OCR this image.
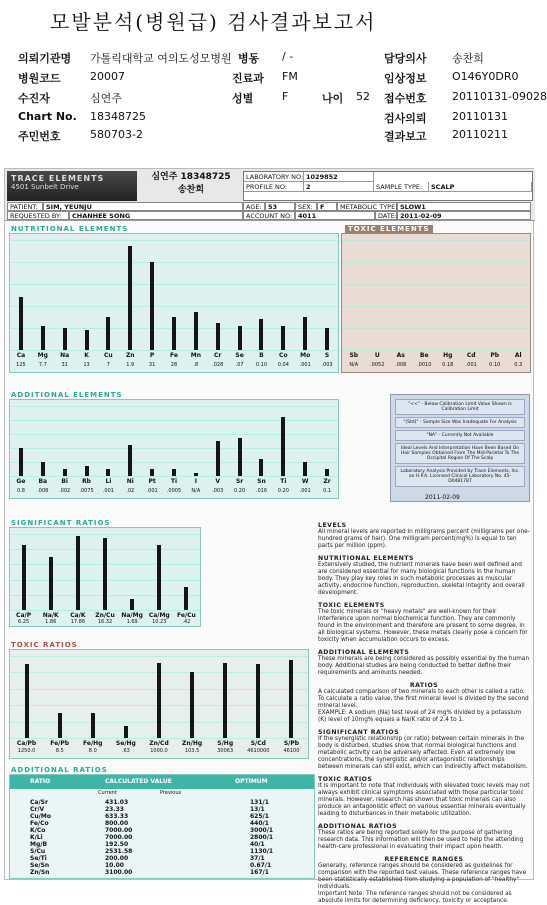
모발분석(병원급) 검사결과보고서
의뢰기관명 가톨릭대학교 여의도성모병원 병동 / -	담당의사 송찬희
병원코드	20007	진료과 FM	임상정보 O146Y0DR0
수진자	심연주	성별	F	나이 52 접수번호 20110131-09028
Chart No. 18348725	검사의뢰 20110131
주민번호	580703-2	결과보고 20110211
TRACE ELEMENTS
4501 Sunbelt Drive
심연주 18348725
송찬희
LABORATORY NO: 1029852
PROFILE NO:	2	SAMPLE TYPE:	SCALP
PATIENT:	SIM, YEUNJU	AGE: 53	SEX:	F	METABOLIC TYPE: SLOW1
REQUESTED BY:	CHANHEE SONG	ACCOUNT NO: 4011	DATE: 2011-02-09
NUTRITIONAL ELEMENTS
Ca
125
Mg
7.7
Na
31
K
13
Cu
7
Zn
1.9
P
31
Fe
28
Mn
.8
Cr
.028
Se
.07
B
0.10
Co
0.04
Mo
.001
S
.003
TOXIC ELEMENTS
Sb
N/A
U
.0052
As
.008
Be
.0010
Hg
0.18
Cd
.001
Pb
0.10
Al
0.3
ADDITIONAL ELEMENTS
Ge
0.8
Ba
.008
Bi
.002
Rb
.0075
Li
.001
Ni
.02
Pt
.001
Ti
.0005
I
N/A
V
.003
Sr
0.20
Sn
.016
Ti
0.20
W
.001
Zr
0.1
"<<" - Below Calibration Limit Value Shown is Calibration Limit
"(Std)" - Sample Size Was Inadequate For Analysis
"NA" - Currently Not Available
Ideal Levels And Interpretation Have Been Based On Hair Samples Obtained From The Mid-Parietal To The Occipital Region Of The Scalp
Laboratory Analysis Provided by Trace Elements, Inc. an H.P.A. Licensed Clinical Laboratory No. 45-D0481787
2011-02-09
SIGNIFICANT RATIOS
Ca/P
6.25
Na/K
1.86
Ca/K
17.86
Zn/Cu
16.32
Na/Mg
1.69
Ca/Mg
10.23
Fe/Cu
.42
TOXIC RATIOS
Ca/Pb
1250.0
Fe/Pb
8.5
Fe/Hg
8.0
Se/Hg
.63
Zn/Cd
1000.0
Zn/Hg
103.5
S/Hg
30063
S/Cd
4610000
S/Pb
46100
ADDITIONAL RATIOS
RATIO	CALCULATED VALUE	OPTIMUM
Current	Previous
Ca/Sr	431.03	131/1
Cr/V	23.33	13/1
Cu/Mo	633.33	625/1
Fe/Co	800.00	440/1
K/Co	7000.00	3000/1
K/Li	7000.00	2800/1
Mg/B	192.50	40/1
S/Cu	2531.58	1130/1
Se/Ti	200.00	37/1
Se/Sn	10.00	0.67/1
Zn/Sn	3100.00	167/1
LEVELS

All mineral levels are reported in milligrams percent (milligrams per one-hundred grams of hair). One milligram percent(mg%) is equal to ten parts per million (ppm).

NUTRITIONAL ELEMENTS

Extensively studied, the nutrient minerals have been well defined and are considered essential for many biological functions in the human body. They play key roles in such metabolic processes as muscular activity, endocrine function, reproduction, skeletal integrity and overall development.

TOXIC ELEMENTS

The toxic minerals or "heavy metals" are well-known for their interference upon normal biochemical function. They are commonly found in the environment and therefore are present to some degree, in all biological systems. However, these metals clearly pose a concern for toxicity when accumulation occurs to excess.

ADDITIONAL ELEMENTS

These minerals are being considered as possibly essential by the human body. Additional studies are being conducted to better define their requirements and amounts needed.

RATIOS

A calculated comparison of two minerals to each other is called a ratio. To calculate a ratio value, the first mineral level is divided by the second mineral level.

EXAMPLE: A sodium (Na) test level of 24 mg% divided by a potassium (K) level of 10mg% equals a Na/K ratio of 2.4 to 1.

SIGNIFICANT RATIOS

If the synergistic relationship (or ratio) between certain minerals in the body is disturbed, studies show that normal biological functions and metabolic activity can be adversely affected. Even at extremely low concentrations, the synergistic and/or antagonistic relationships between minerals can still exist, which can indirectly affect metabolism.

TOXIC RATIOS

It is important to note that individuals with elevated toxic levels may not always exhibit clinical symptoms associated with those particular toxic minerals. However, research has shown that toxic minerals can also produce an antagonistic effect on various essential minerals eventually leading to disturbances in their metabolic utilization.

ADDITIONAL RATIOS

These ratios are being reported solely for the purpose of gathering research data. This information will then be used to help the attending health-care professional in evaluating their impact upon health.

REFERENCE RANGES

Generally, reference ranges should be considered as guidelines for comparison with the reported test values. These reference ranges have been statistically established from studying a population of "healthy" individuals.

Important Note: The reference ranges should not be considered as absolute limits for determining deficiency, toxicity or acceptance.
